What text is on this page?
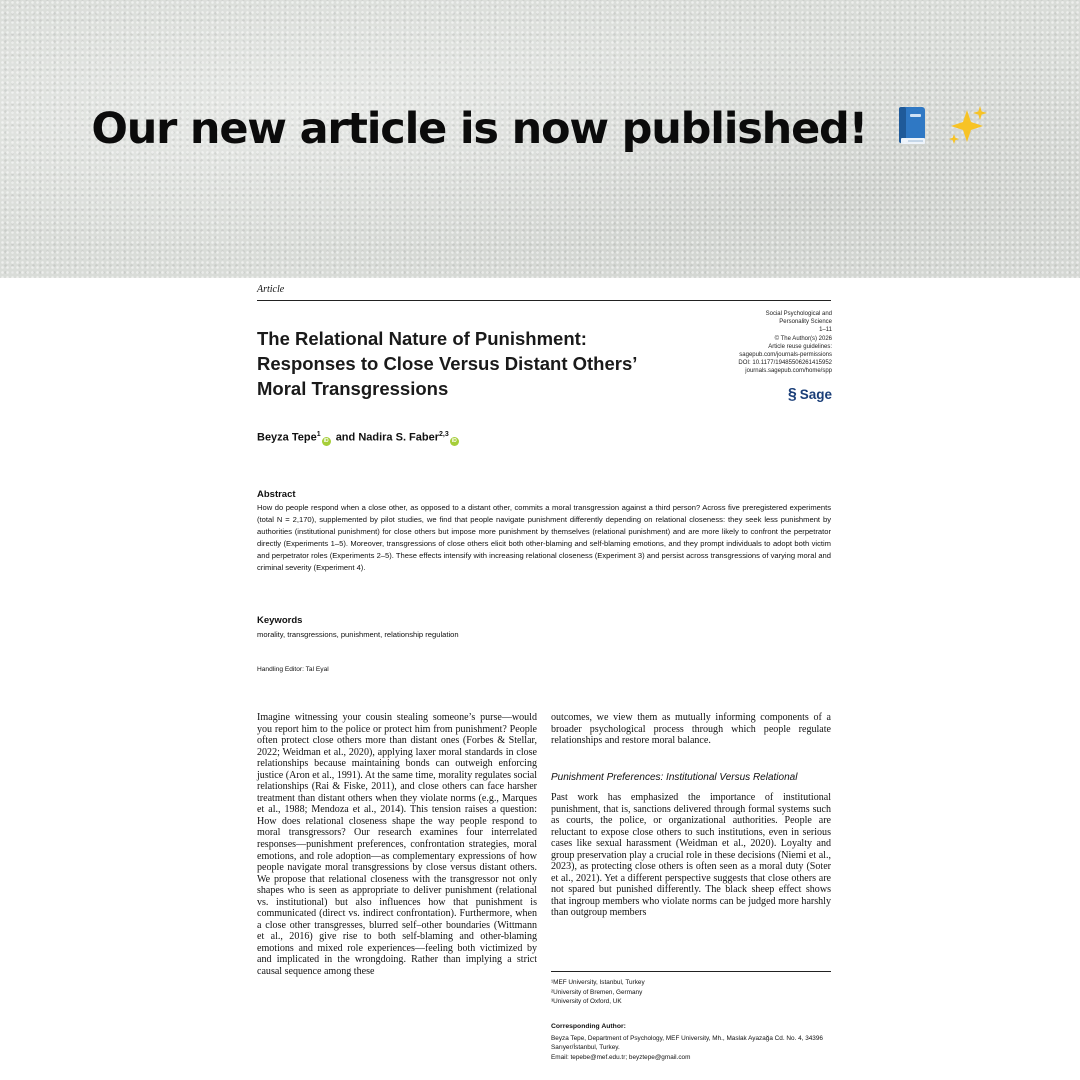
Our new article is now published!
Article
The Relational Nature of Punishment: Responses to Close Versus Distant Others’ Moral Transgressions
Social Psychological and
Personality Science
1–11
© The Author(s) 2026
Article reuse guidelines:
sagepub.com/journals-permissions
DOI: 10.1177/19485506261415952
journals.sagepub.com/home/spp
§ Sage
Beyza Tepe$^1$iD and Nadira S. Faber$^{2,3}$iD
Abstract
How do people respond when a close other, as opposed to a distant other, commits a moral transgression against a third person? Across five preregistered experiments (total N = 2,170), supplemented by pilot studies, we find that people navigate punishment differently depending on relational closeness: they seek less punishment by authorities (institutional punishment) for close others but impose more punishment by themselves (relational punishment) and are more likely to confront the perpetrator directly (Experiments 1–5). Moreover, transgressions of close others elicit both other-blaming and self-blaming emotions, and they prompt individuals to adopt both victim and perpetrator roles (Experiments 2–5). These effects intensify with increasing relational closeness (Experiment 3) and persist across transgressions of varying moral and criminal severity (Experiment 4).
Keywords
morality, transgressions, punishment, relationship regulation
Handling Editor: Tal Eyal
Imagine witnessing your cousin stealing someone’s purse—would you report him to the police or protect him from punishment? People often protect close others more than distant ones (Forbes & Stellar, 2022; Weidman et al., 2020), applying laxer moral standards in close relationships because maintaining bonds can outweigh enforcing justice (Aron et al., 1991). At the same time, morality regulates social relationships (Rai & Fiske, 2011), and close others can face harsher treatment than distant others when they violate norms (e.g., Marques et al., 1988; Mendoza et al., 2014). This tension raises a question: How does relational closeness shape the way people respond to moral transgressors? Our research examines four interrelated responses—punishment preferences, confrontation strategies, moral emotions, and role adoption—as complementary expressions of how people navigate moral transgressions by close versus distant others. We propose that relational closeness with the transgressor not only shapes who is seen as appropriate to deliver punishment (relational vs. institutional) but also influences how that punishment is communicated (direct vs. indirect confrontation). Furthermore, when a close other transgresses, blurred self–other boundaries (Wittmann et al., 2016) give rise to both self-blaming and other-blaming emotions and mixed role experiences—feeling both victimized by and implicated in the wrongdoing. Rather than implying a strict causal sequence among these
outcomes, we view them as mutually informing components of a broader psychological process through which people regulate relationships and restore moral balance.
Punishment Preferences: Institutional Versus Relational
Past work has emphasized the importance of institutional punishment, that is, sanctions delivered through formal systems such as courts, the police, or organizational authorities. People are reluctant to expose close others to such institutions, even in serious cases like sexual harassment (Weidman et al., 2020). Loyalty and group preservation play a crucial role in these decisions (Niemi et al., 2023), as protecting close others is often seen as a moral duty (Soter et al., 2021). Yet a different perspective suggests that close others are not spared but punished differently. The black sheep effect shows that ingroup members who violate norms can be judged more harshly than outgroup members
¹MEF University, Istanbul, Turkey
²University of Bremen, Germany
³University of Oxford, UK
Corresponding Author:
Beyza Tepe, Department of Psychology, MEF University, Mh., Maslak Ayazağa Cd. No. 4, 34396 Sarıyer/İstanbul, Turkey.
Email: tepebe@mef.edu.tr; beyztepe@gmail.com
